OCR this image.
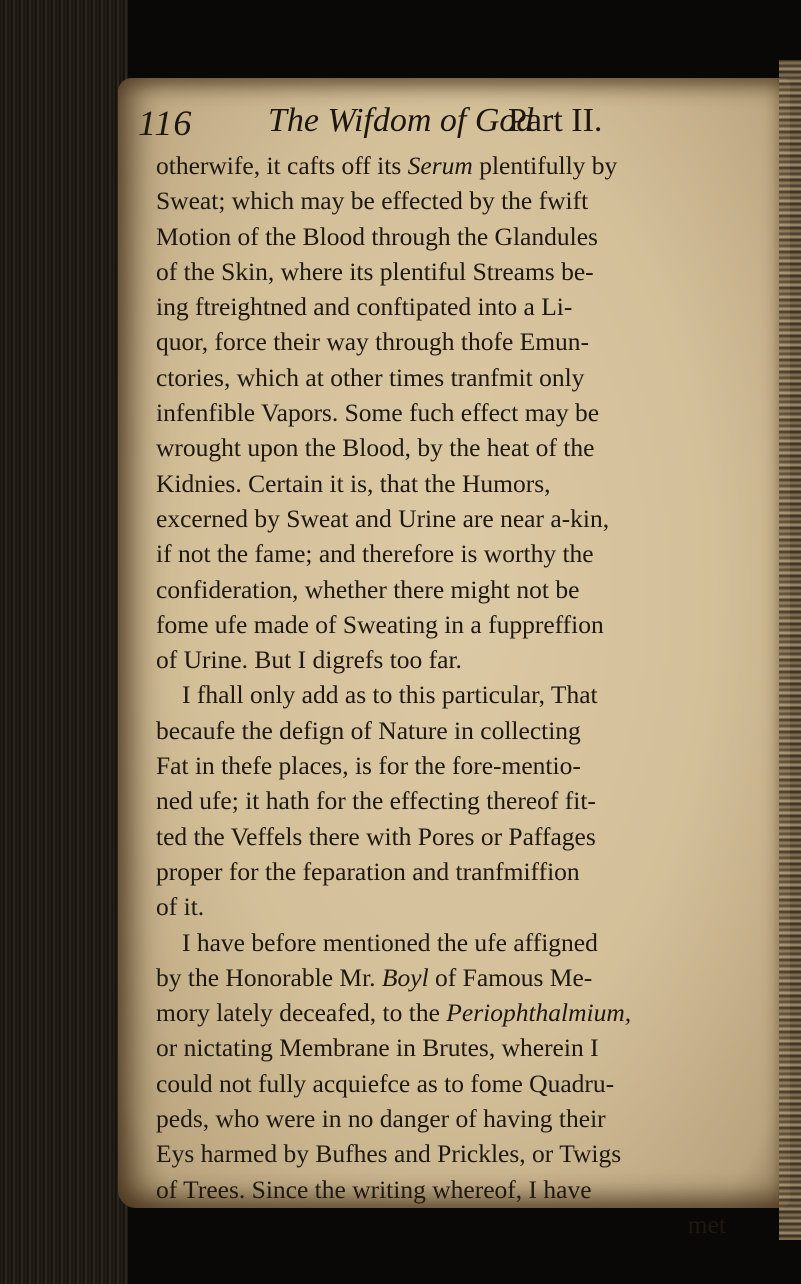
116 The Wifdom of God
Part II.
otherwife, it cafts off its Serum plentifully by
Sweat; which may be effected by the fwift
Motion of the Blood through the Glandules
of the Skin, where its plentiful Streams be-
ing ftreightned and conftipated into a Li-
quor, force their way through thofe Emun-
ctories, which at other times tranfmit only
infenfible Vapors. Some fuch effect may be
wrought upon the Blood, by the heat of the
Kidnies. Certain it is, that the Humors,
excerned by Sweat and Urine are near a-kin,
if not the fame; and therefore is worthy the
confideration, whether there might not be
fome ufe made of Sweating in a fuppreffion
of Urine. But I digrefs too far.
I fhall only add as to this particular, That
becaufe the defign of Nature in collecting
Fat in thefe places, is for the fore-mentio-
ned ufe; it hath for the effecting thereof fit-
ted the Veffels there with Pores or Paffages
proper for the feparation and tranfmiffion
of it.
I have before mentioned the ufe affigned
by the Honorable Mr. Boyl of Famous Me-
mory lately deceafed, to the Periophthalmium,
or nictating Membrane in Brutes, wherein I
could not fully acquiefce as to fome Quadru-
peds, who were in no danger of having their
Eys harmed by Bufhes and Prickles, or Twigs
of Trees. Since the writing whereof, I have
met
